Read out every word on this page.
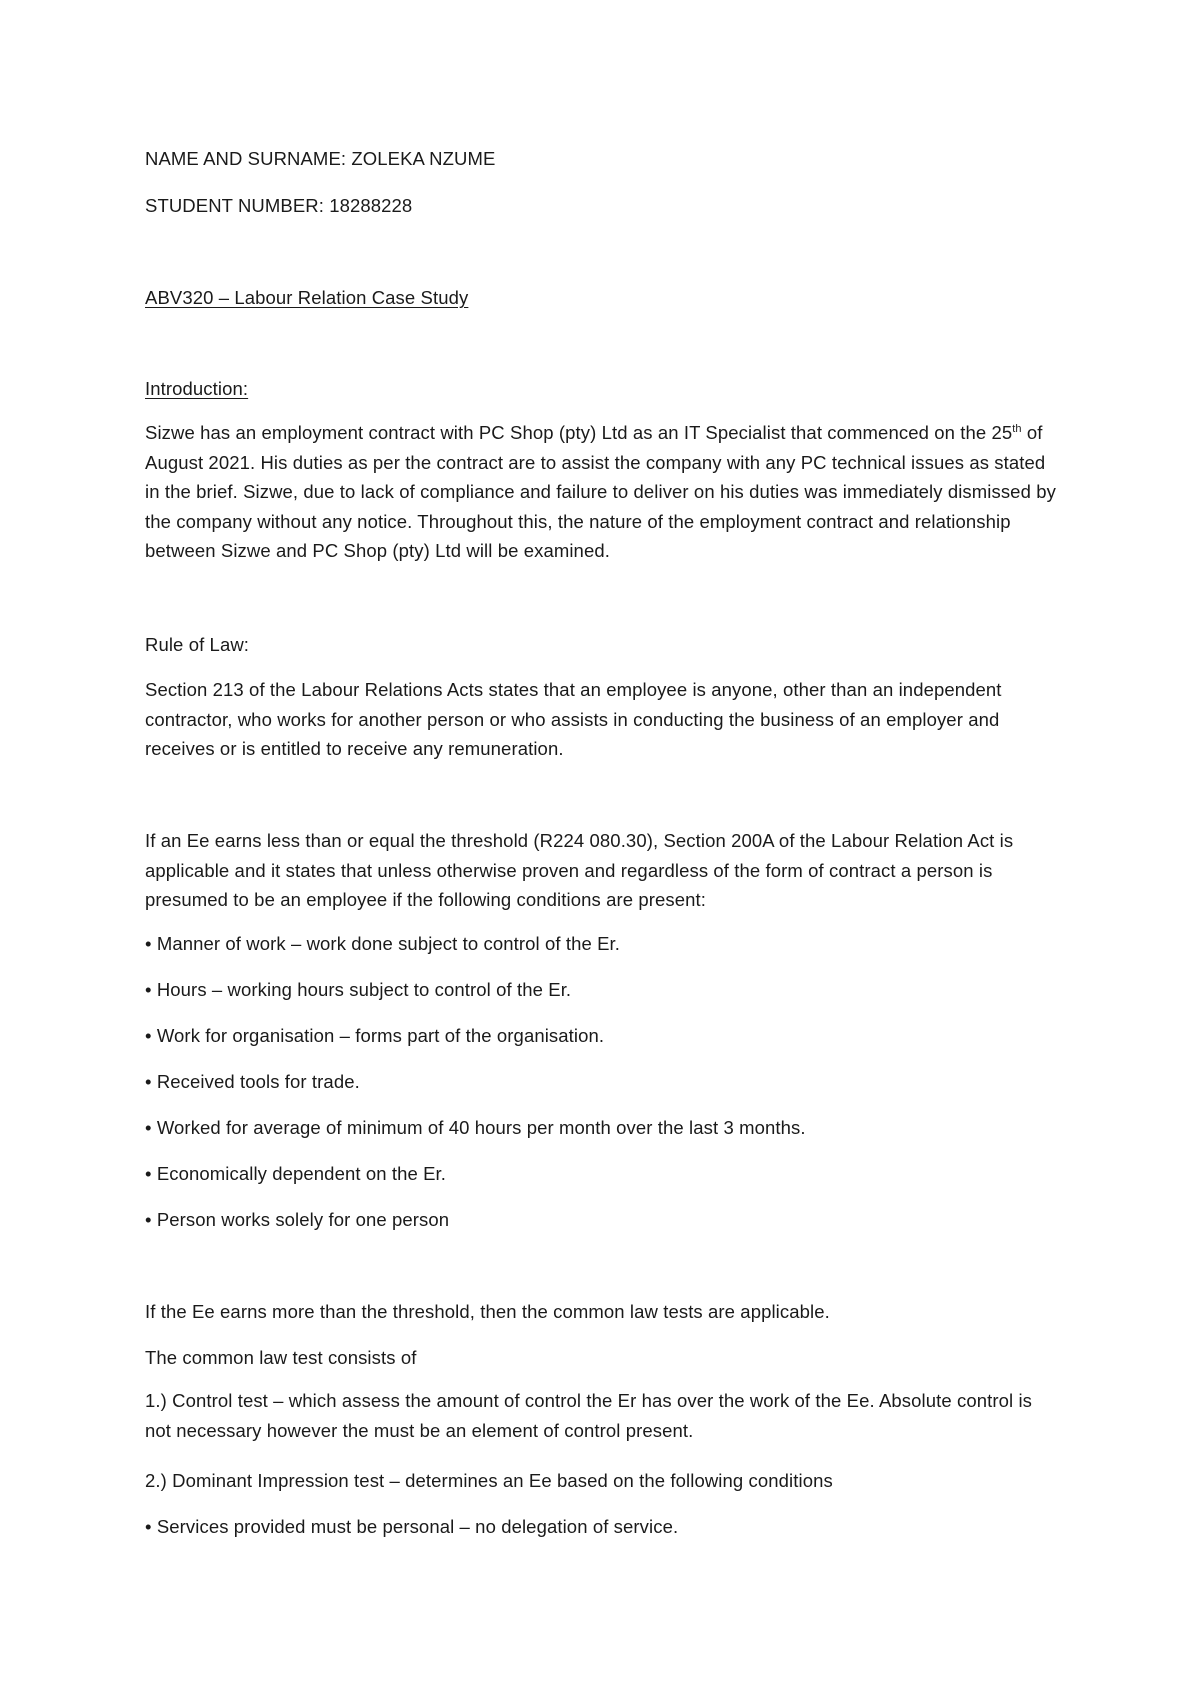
NAME AND SURNAME: ZOLEKA NZUME
STUDENT NUMBER: 18288228
ABV320 – Labour Relation Case Study
Introduction:
Sizwe has an employment contract with PC Shop (pty) Ltd as an IT Specialist that commenced on the 25th of August 2021. His duties as per the contract are to assist the company with any PC technical issues as stated in the brief. Sizwe, due to lack of compliance and failure to deliver on his duties was immediately dismissed by the company without any notice. Throughout this, the nature of the employment contract and relationship between Sizwe and PC Shop (pty) Ltd will be examined.
Rule of Law:
Section 213 of the Labour Relations Acts states that an employee is anyone, other than an independent contractor, who works for another person or who assists in conducting the business of an employer and receives or is entitled to receive any remuneration.
If an Ee earns less than or equal the threshold (R224 080.30), Section 200A of the Labour Relation Act is applicable and it states that unless otherwise proven and regardless of the form of contract a person is presumed to be an employee if the following conditions are present:
• Manner of work – work done subject to control of the Er.
• Hours – working hours subject to control of the Er.
• Work for organisation – forms part of the organisation.
• Received tools for trade.
• Worked for average of minimum of 40 hours per month over the last 3 months.
• Economically dependent on the Er.
• Person works solely for one person
If the Ee earns more than the threshold, then the common law tests are applicable.
The common law test consists of
1.) Control test – which assess the amount of control the Er has over the work of the Ee. Absolute control is not necessary however the must be an element of control present.
2.) Dominant Impression test – determines an Ee based on the following conditions
• Services provided must be personal – no delegation of service.
